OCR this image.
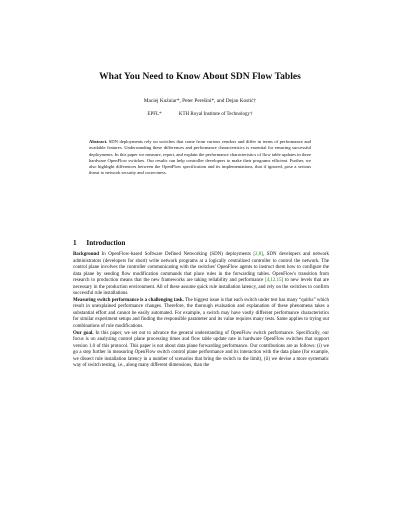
What You Need to Know About SDN Flow Tables
Maciej Kuźniar*, Peter Perešíni*, and Dejan Kostić†
EPFL*	KTH Royal Institute of Technology†
Abstract. SDN deployments rely on switches that come from various vendors and differ in terms of performance and available features. Understanding these differences and performance characteristics is essential for ensuring successful deployments. In this paper we measure, report, and explain the performance characteristics of flow table updates in three hardware OpenFlow switches. Our results can help controller developers to make their programs efficient. Further, we also highlight differences between the OpenFlow specification and its implementations, that if ignored, pose a serious threat to network security and correctness.
1 Introduction

Background In OpenFlow-based Software Defined Networking (SDN) deployments [2,8], SDN developers and network administrators (developers for short) write network programs at a logically centralized controller to control the network. The control plane involves the controller communicating with the switches' OpenFlow agents to instruct them how to configure the data plane by sending flow modification commands that place rules in the forwarding tables. OpenFlow's transition from research to production means that the new frameworks are taking reliability and performance [4,12,15] to new levels that are necessary in the production environment. All of these assume quick rule installation latency, and rely on the switches to confirm successful rule installations.

Measuring switch performance is a challenging task. The biggest issue is that each switch under test has many “quirks” which result in unexplained performance changes. Therefore, the thorough evaluation and explanation of these phenomena takes a substantial effort and cannot be easily automated. For example, a switch may have vastly different performance characteristics for similar experiment setups and finding the responsible parameter and its value requires many tests. Same applies to trying out combinations of rule modifications.

Our goal. In this paper, we set out to advance the general understanding of OpenFlow switch performance. Specifically, our focus is on analyzing control plane processing times and flow table update rate in hardware OpenFlow switches that support version 1.0 of this protocol. This paper is not about data plane forwarding performance. Our contributions are as follows: (i) we go a step further in measuring OpenFlow switch control plane performance and its interaction with the data plane (for example, we dissect rule installation latency in a number of scenarios that bring the switch to the limit), (ii) we devise a more systematic way of switch testing, i.e., along many different dimensions, than the
